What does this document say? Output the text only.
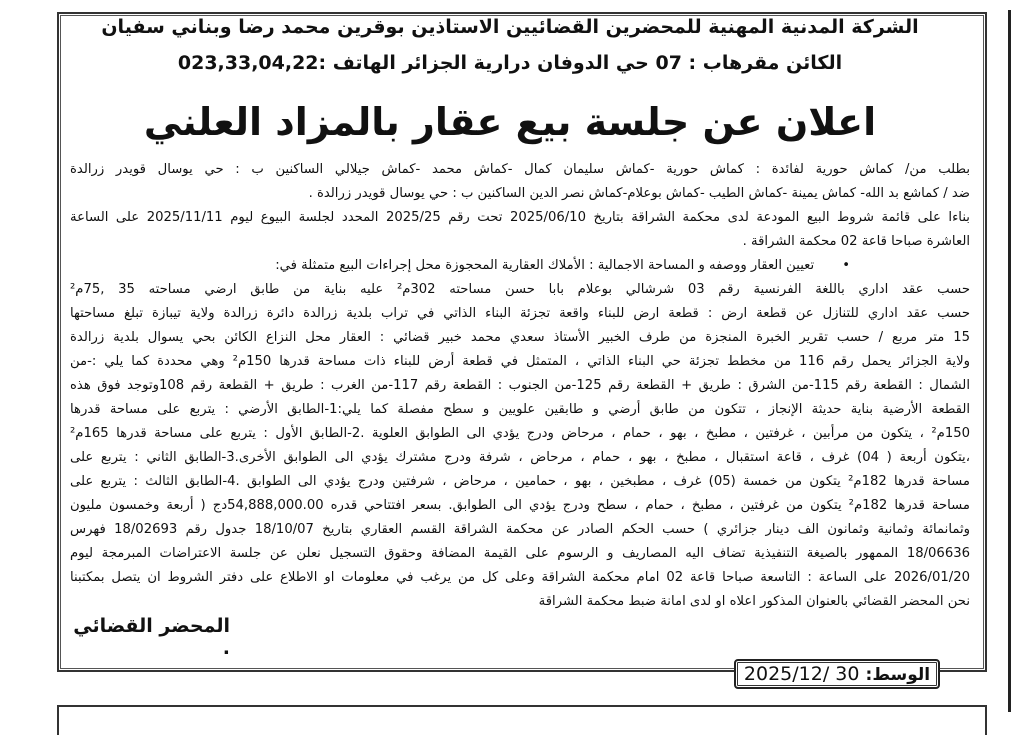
الشركة المدنية المهنية للمحضرين القضائيين الاستاذين بوقرين محمد رضا وبناني سفيان
الكائن مقرهاب : 07 حي الدوفان درارية الجزائر الهاتف :023,33,04,22
اعلان عن جلسة بيع عقار بالمزاد العلني
بطلب من/ كماش حورية لفائدة : كماش حورية -كماش سليمان كمال -كماش محمد -كماش جيلالي الساكنين ب : حي يوسال قويدر زرالدة
ضد / كماشع بد الله- كماش يمينة -كماش الطيب -كماش بوعلام-كماش نصر الدين الساكنين ب : حي يوسال قويدر زرالدة .
بناءا على قائمة شروط البيع المودعة لدى محكمة الشراقة بتاريخ 2025/06/10 تحت رقم 2025/25 المحدد لجلسة البيوع ليوم 2025/11/11 على الساعة
العاشرة صباحا قاعة 02 محكمة الشراقة .
•تعيين العقار ووصفه و المساحة الاجمالية : الأملاك العقارية المحجوزة محل إجراءات البيع متمثلة في:
حسب عقد اداري باللغة الفرنسية رقم 03 شرشالي بوعلام بابا حسن مساحته 302م² عليه بناية من طابق ارضي مساحته 35 ,75م²
حسب عقد اداري للتنازل عن قطعة ارض : قطعة ارض للبناء واقعة تجزئة البناء الذاتي في تراب بلدية زرالدة دائرة زرالدة ولاية تيبازة تبلغ مساحتها
15 متر مربع / حسب تقرير الخبرة المنجزة من طرف الخبير الأستاذ سعدي محمد خبير قضائي : العقار محل النزاع الكائن بحي يسوال بلدية زرالدة
ولاية الجزائر يحمل رقم 116 من مخطط تجزئة حي البناء الذاتي ، المتمثل في قطعة أرض للبناء ذات مساحة قدرها 150م² وهي محددة كما يلي :-من
الشمال : القطعة رقم 115-من الشرق : طريق + القطعة رقم 125-من الجنوب : القطعة رقم 117-من الغرب : طريق + القطعة رقم 108وتوجد فوق هذه
القطعة الأرضية بناية حديثة الإنجاز ، تتكون من طابق أرضي و طابقين علويين و سطح مفصلة كما يلي:1-الطابق الأرضي : يتربع على مساحة قدرها
150م² ، يتكون من مرأبين ، غرفتين ، مطبخ ، بهو ، حمام ، مرحاض ودرج يؤدي الى الطوابق العلوية .2-الطابق الأول : يتربع على مساحة قدرها 165م²
،يتكون أربعة ( 04) غرف ، قاعة استقبال ، مطبخ ، بهو ، حمام ، مرحاض ، شرفة ودرج مشترك يؤدي الى الطوابق الأخرى.3-الطابق الثاني : يتربع على
مساحة قدرها 182م² يتكون من خمسة (05) غرف ، مطبخين ، بهو ، حمامين ، مرحاض ، شرفتين ودرج يؤدي الى الطوابق .4-الطابق الثالث : يتربع على
مساحة قدرها 182م² يتكون من غرفتين ، مطبخ ، حمام ، سطح ودرج يؤدي الى الطوابق. بسعر افتتاحي قدره 54,888,000.00دج ( أربعة وخمسون مليون
وثمانمائة وثمانية وثمانون الف دينار جزائري ) حسب الحكم الصادر عن محكمة الشراقة القسم العقاري بتاريخ 18/10/07 جدول رقم 18/02693 فهرس
18/06636 الممهور بالصيغة التنفيذية تضاف اليه المصاريف و الرسوم على القيمة المضافة وحقوق التسجيل نعلن عن جلسة الاعتراضات المبرمجة ليوم
2026/01/20 على الساعة : التاسعة صباحا قاعة 02 امام محكمة الشراقة وعلى كل من يرغب في معلومات او الاطلاع على دفتر الشروط ان يتصل بمكتبنا
نحن المحضر القضائي بالعنوان المذكور اعلاه او لدى امانة ضبط محكمة الشراقة
المحضر القضائي .
الوسط: 30 /2025/12
